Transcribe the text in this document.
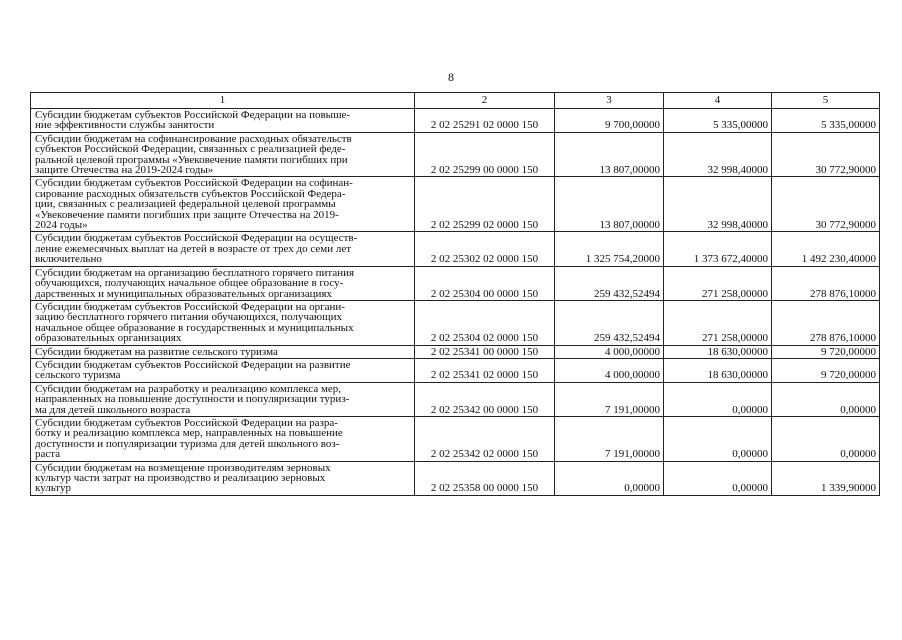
8
1	2	3	4	5
Субсидии бюджетам субъектов Российской Федерации на повыше-
ние эффективности службы занятости	2 02 25291 02 0000 150	9 700,00000	5 335,00000	5 335,00000
Субсидии бюджетам на софинансирование расходных обязательств
субъектов Российской Федерации, связанных с реализацией феде-
ральной целевой программы «Увековечение памяти погибших при
защите Отечества на 2019-2024 годы»	2 02 25299 00 0000 150	13 807,00000	32 998,40000	30 772,90000
Субсидии бюджетам субъектов Российской Федерации на софинан-
сирование расходных обязательств субъектов Российской Федера-
ции, связанных с реализацией федеральной целевой программы
«Увековечение памяти погибших при защите Отечества на 2019-
2024 годы»	2 02 25299 02 0000 150	13 807,00000	32 998,40000	30 772,90000
Субсидии бюджетам субъектов Российской Федерации на осуществ-
ление ежемесячных выплат на детей в возрасте от трех до семи лет
включительно	2 02 25302 02 0000 150	1 325 754,20000	1 373 672,40000	1 492 230,40000
Субсидии бюджетам на организацию бесплатного горячего питания
обучающихся, получающих начальное общее образование в госу-
дарственных и муниципальных образовательных организациях	2 02 25304 00 0000 150	259 432,52494	271 258,00000	278 876,10000
Субсидии бюджетам субъектов Российской Федерации на органи-
зацию бесплатного горячего питания обучающихся, получающих
начальное общее образование в государственных и муниципальных
образовательных организациях	2 02 25304 02 0000 150	259 432,52494	271 258,00000	278 876,10000
Субсидии бюджетам на развитие сельского туризма	2 02 25341 00 0000 150	4 000,00000	18 630,00000	9 720,00000
Субсидии бюджетам субъектов Российской Федерации на развитие
сельского туризма	2 02 25341 02 0000 150	4 000,00000	18 630,00000	9 720,00000
Субсидии бюджетам на разработку и реализацию комплекса мер,
направленных на повышение доступности и популяризации туриз-
ма для детей школьного возраста	2 02 25342 00 0000 150	7 191,00000	0,00000	0,00000
Субсидии бюджетам субъектов Российской Федерации на разра-
ботку и реализацию комплекса мер, направленных на повышение
доступности и популяризации туризма для детей школьного воз-
раста	2 02 25342 02 0000 150	7 191,00000	0,00000	0,00000
Субсидии бюджетам на возмещение производителям зерновых
культур части затрат на производство и реализацию зерновых
культур	2 02 25358 00 0000 150	0,00000	0,00000	1 339,90000
